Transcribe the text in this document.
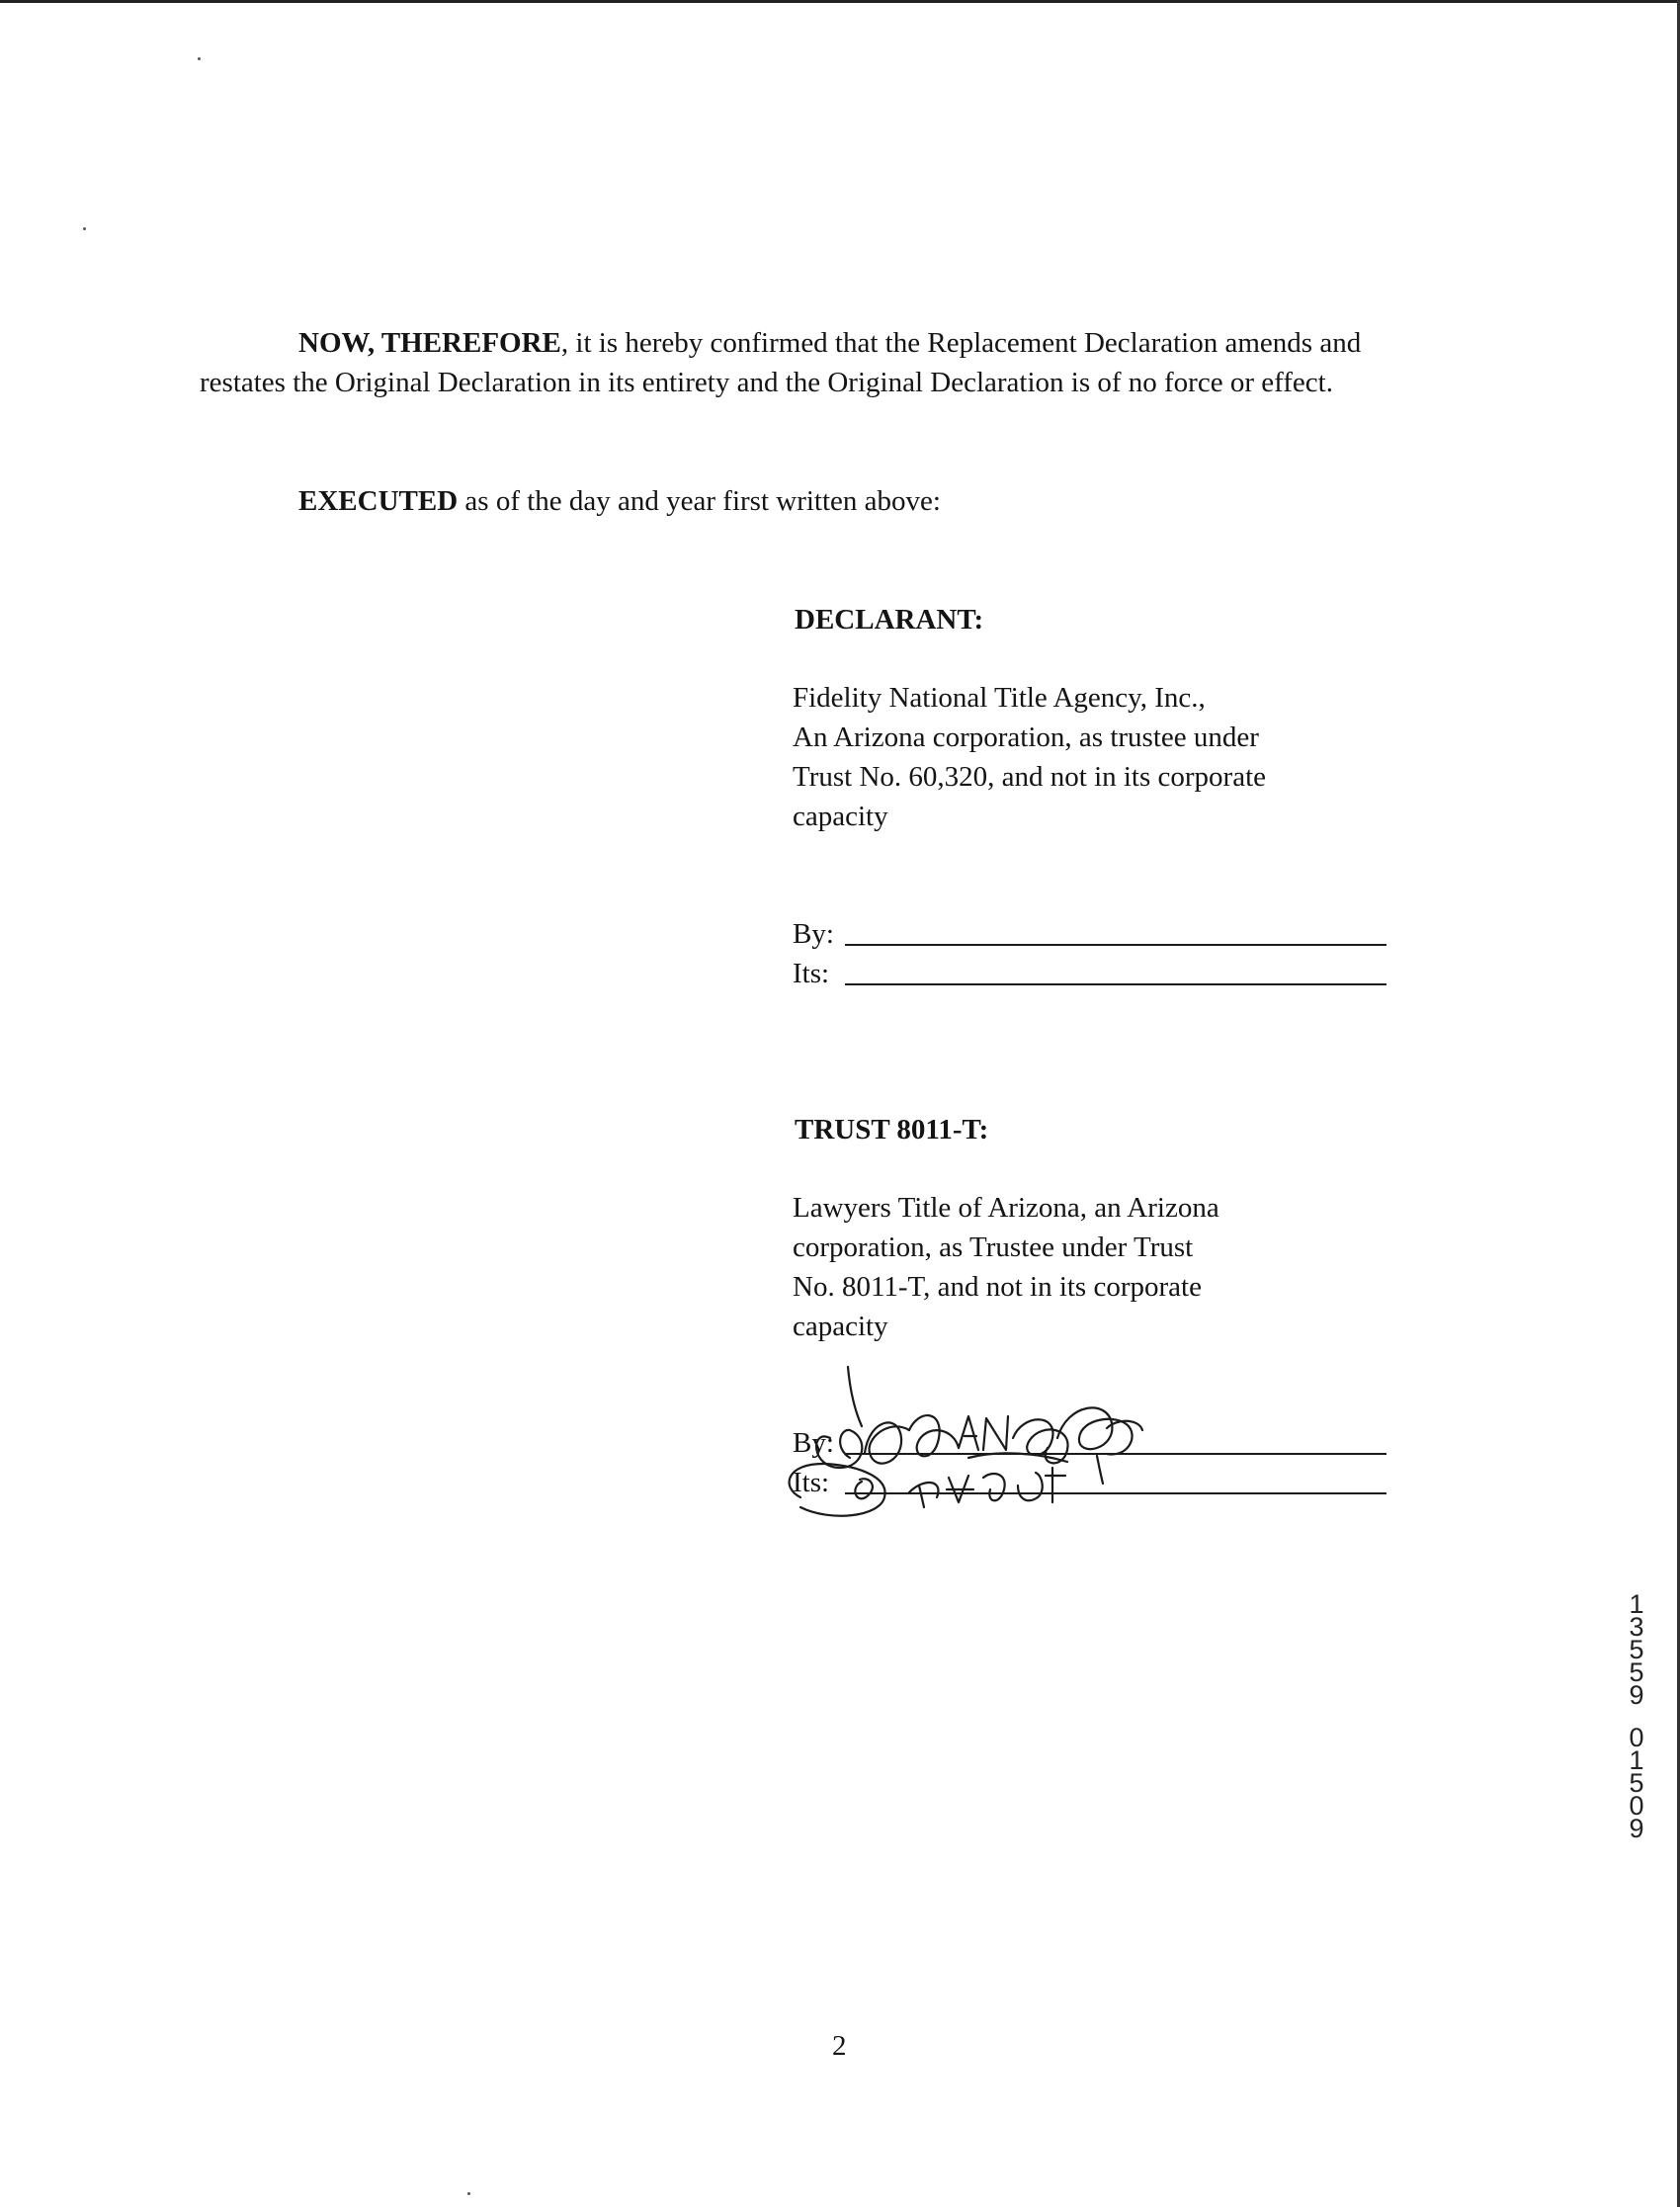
NOW, THEREFORE, it is hereby confirmed that the Replacement Declaration amends and
restates the Original Declaration in its entirety and the Original Declaration is of no force or effect.
EXECUTED as of the day and year first written above:
DECLARANT:
Fidelity National Title Agency, Inc.,
An Arizona corporation, as trustee under
Trust No. 60,320, and not in its corporate
capacity
By:
Its:
TRUST 8011-T:
Lawyers Title of Arizona, an Arizona
corporation, as Trustee under Trust
No. 8011-T, and not in its corporate
capacity
By:
Its:
2
1
3
5
5
9
0
1
5
0
9
